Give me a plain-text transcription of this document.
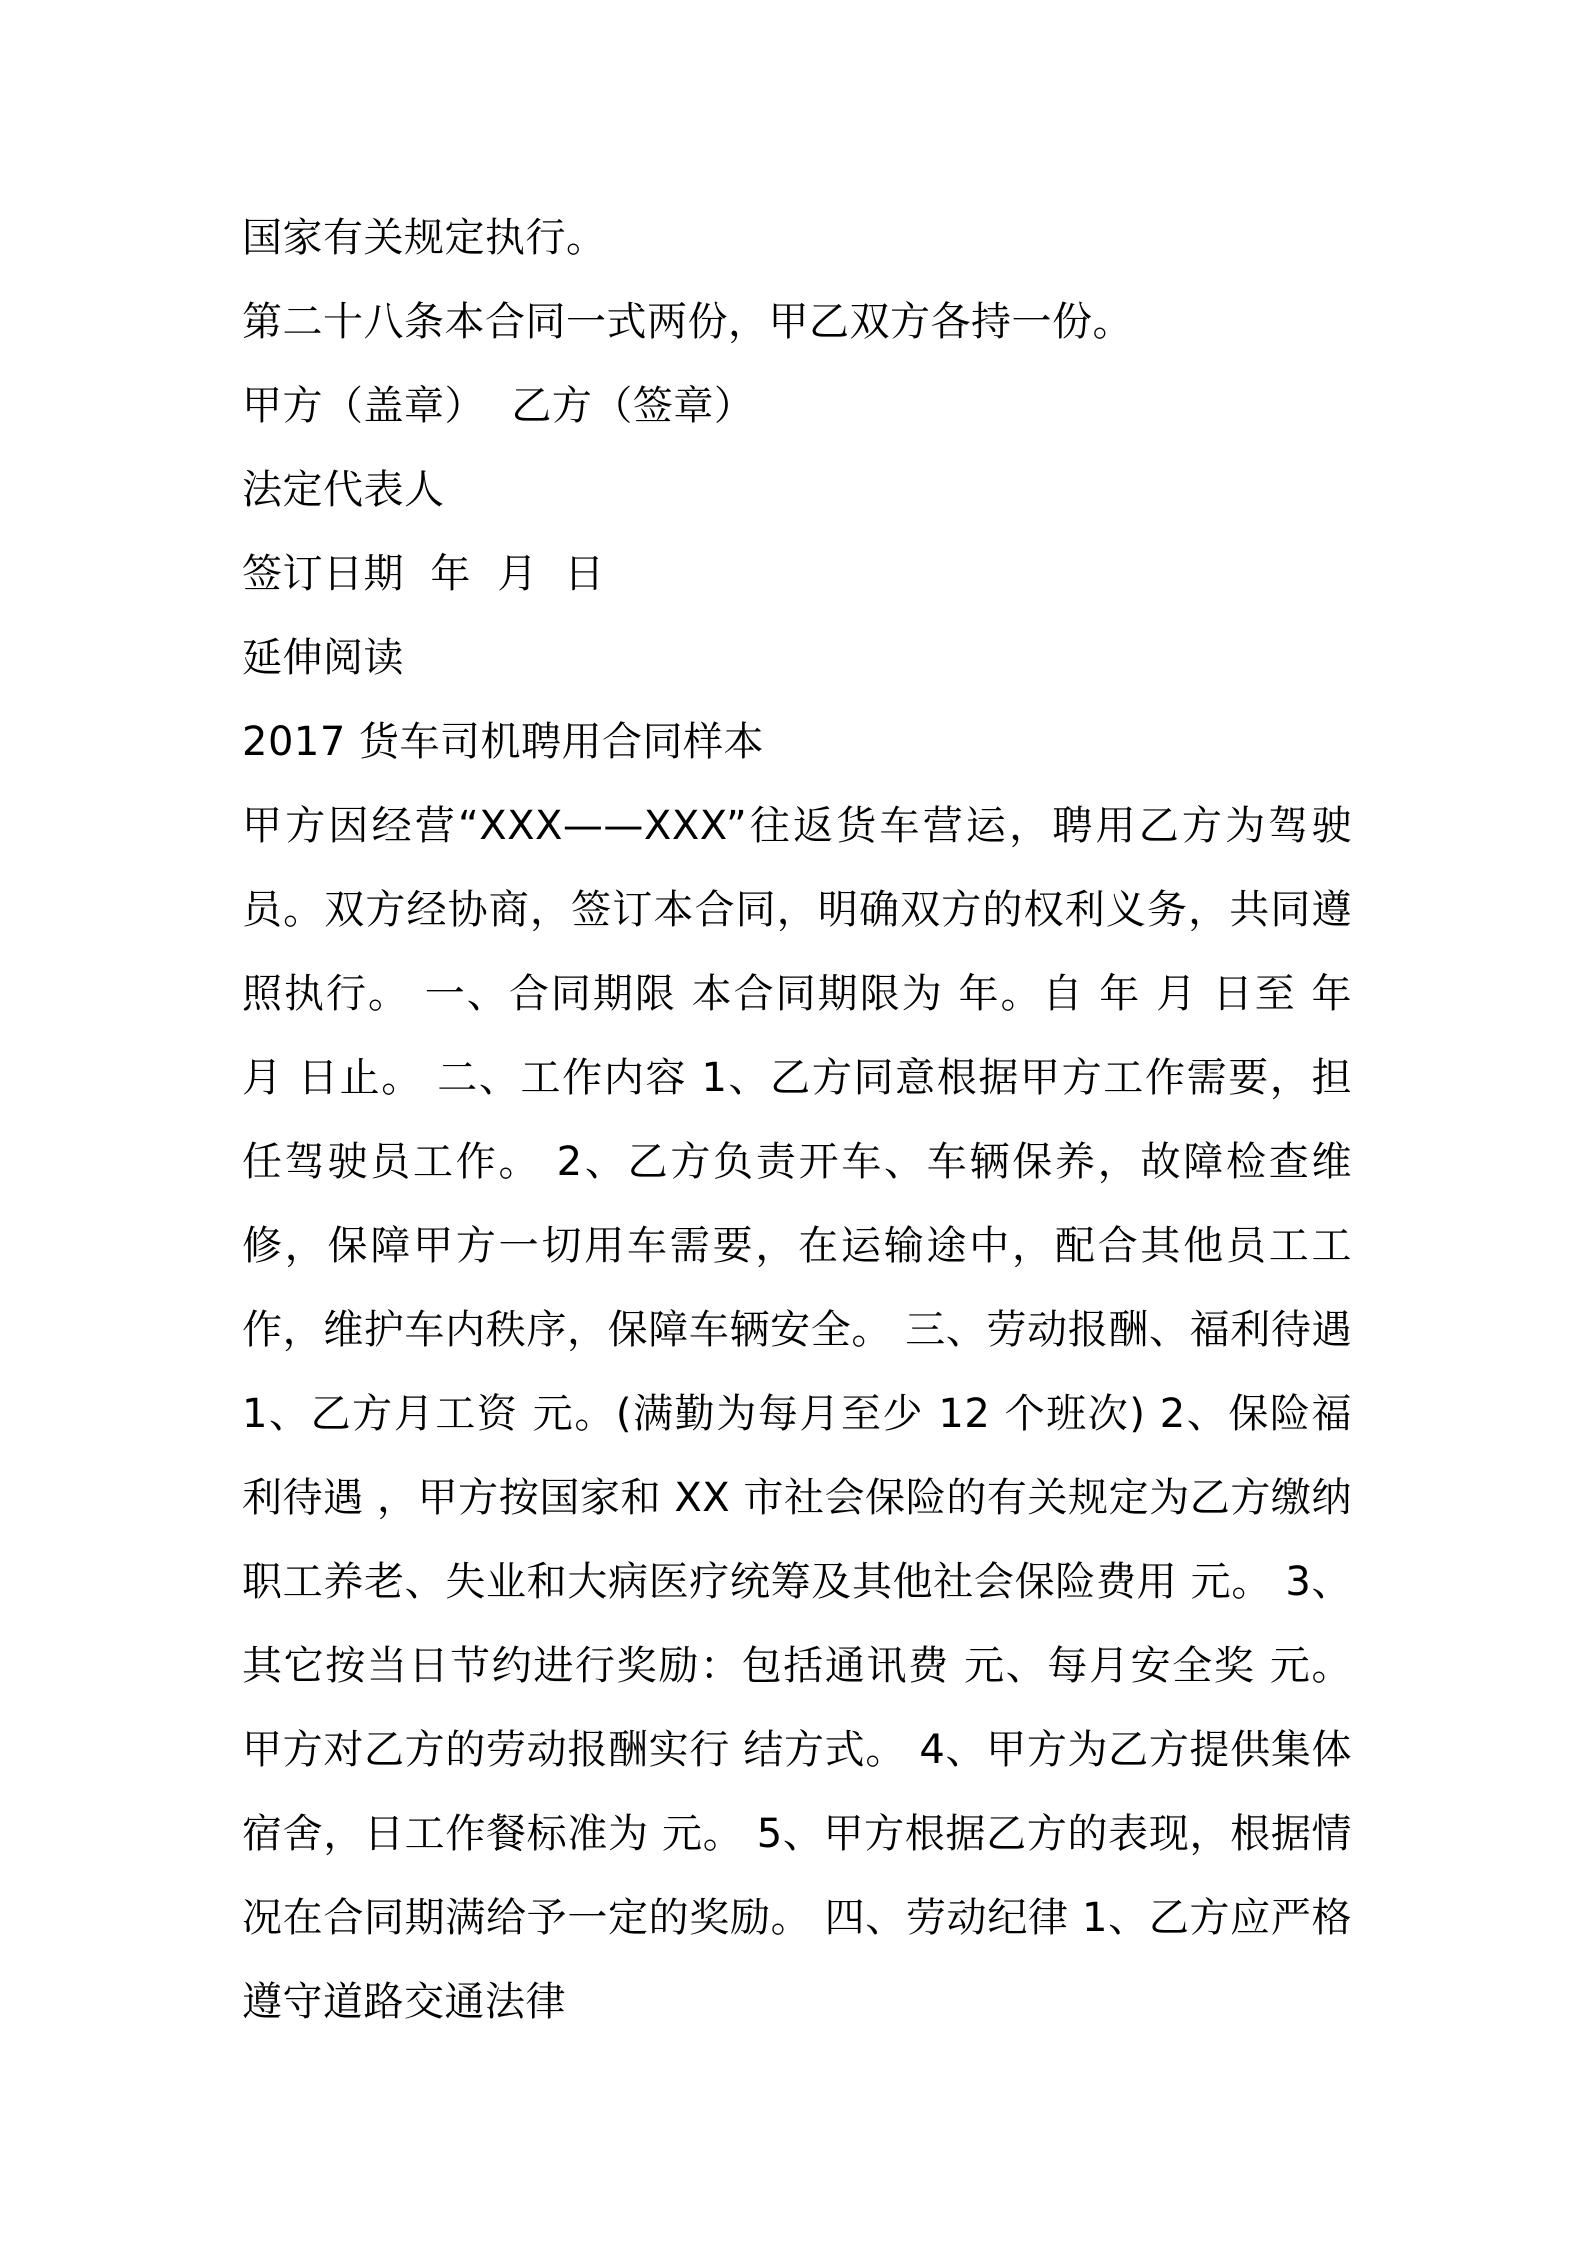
国家有关规定执行。
第二十八条本合同一式两份，甲乙双方各持一份。
甲方（盖章）  乙方（签章）
法定代表人
签订日期  年  月  日
延伸阅读
2017 货车司机聘用合同样本
甲方因经营“XXX——XXX”往返货车营运，聘用乙方为驾驶员。双方经协商，签订本合同，明确双方的权利义务，共同遵照执行。 一、合同期限 本合同期限为 年。自 年 月 日至 年 月 日止。 二、工作内容 1、乙方同意根据甲方工作需要，担任驾驶员工作。 2、乙方负责开车、车辆保养，故障检查维修，保障甲方一切用车需要，在运输途中，配合其他员工工作，维护车内秩序，保障车辆安全。 三、劳动报酬、福利待遇 1、乙方月工资 元。(满勤为每月至少 12 个班次) 2、保险福利待遇 ，甲方按国家和 XX 市社会保险的有关规定为乙方缴纳职工养老、失业和大病医疗统筹及其他社会保险费用 元。 3、其它按当日节约进行奖励：包括通讯费 元、每月安全奖 元。甲方对乙方的劳动报酬实行 结方式。 4、甲方为乙方提供集体宿舍，日工作餐标准为 元。 5、甲方根据乙方的表现，根据情况在合同期满给予一定的奖励。 四、劳动纪律 1、乙方应严格遵守道路交通法律
